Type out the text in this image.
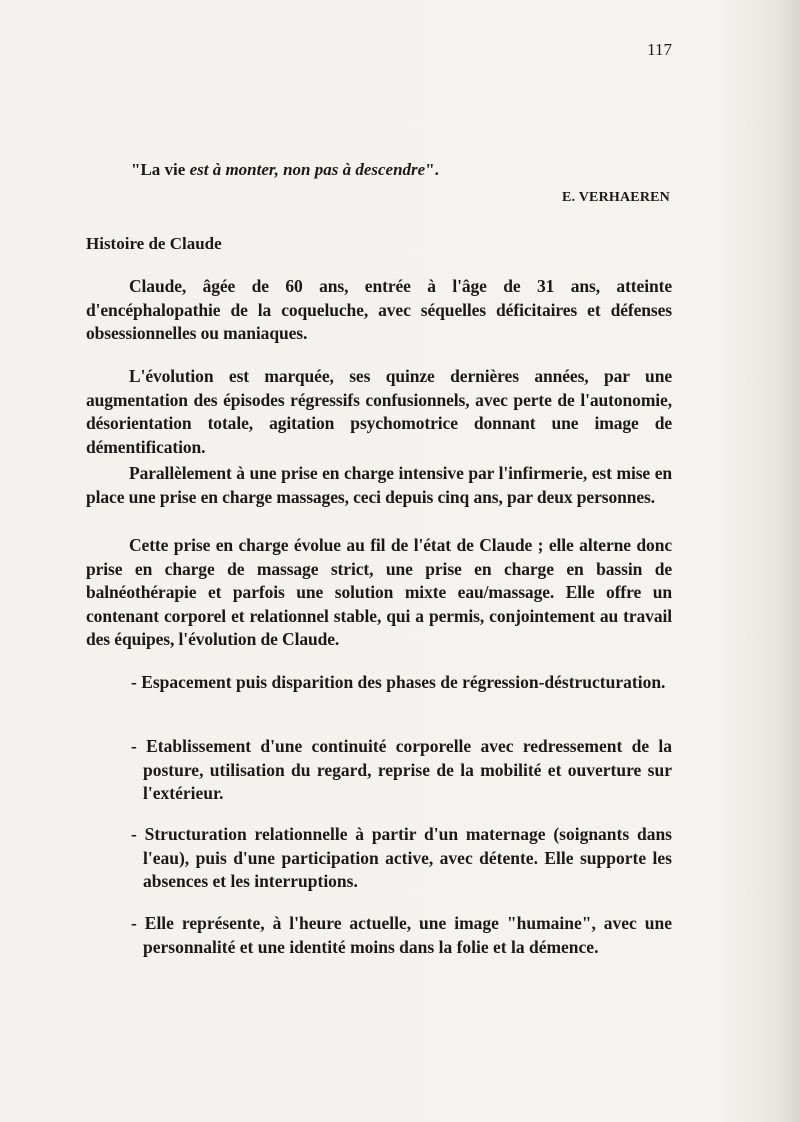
117
"La vie est à monter, non pas à descendre".
E. VERHAEREN
Histoire de Claude

Claude, âgée de 60 ans, entrée à l'âge de 31 ans, atteinte d'encéphalopathie de la coqueluche, avec séquelles déficitaires et défenses obsessionnelles ou maniaques.

L'évolution est marquée, ses quinze dernières années, par une augmentation des épisodes régressifs confusionnels, avec perte de l'autonomie, désorientation totale, agitation psychomotrice donnant une image de démentification.

Parallèlement à une prise en charge intensive par l'infirmerie, est mise en place une prise en charge massages, ceci depuis cinq ans, par deux personnes.

Cette prise en charge évolue au fil de l'état de Claude ; elle alterne donc prise en charge de massage strict, une prise en charge en bassin de balnéothérapie et parfois une solution mixte eau/massage. Elle offre un contenant corporel et relationnel stable, qui a permis, conjointement au travail des équipes, l'évolution de Claude.

- Espacement puis disparition des phases de régression-déstructuration.
- Etablissement d'une continuité corporelle avec redressement de la posture, utilisation du regard, reprise de la mobilité et ouverture sur l'extérieur.
- Structuration relationnelle à partir d'un maternage (soignants dans l'eau), puis d'une participation active, avec détente. Elle supporte les absences et les interruptions.
- Elle représente, à l'heure actuelle, une image "humaine", avec une personnalité et une identité moins dans la folie et la démence.
